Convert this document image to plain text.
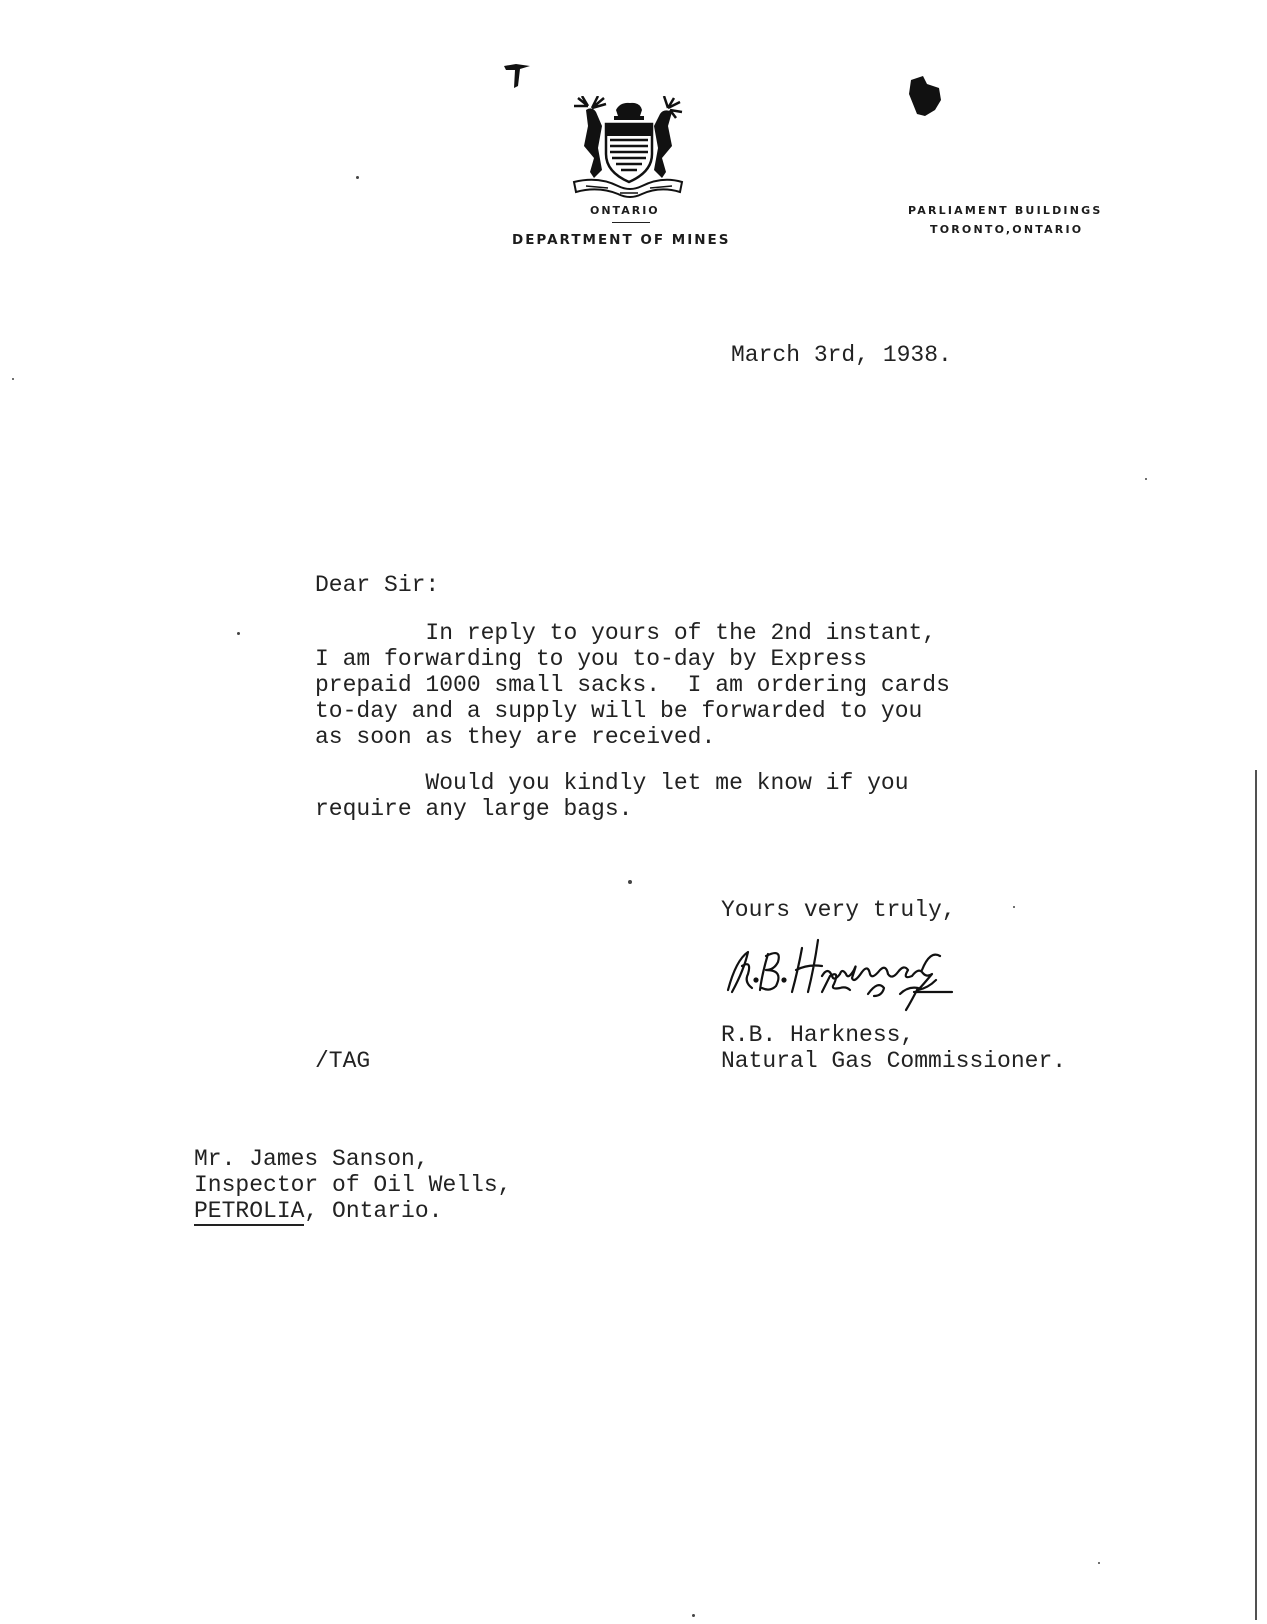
ONTARIO
DEPARTMENT OF MINES
PARLIAMENT BUILDINGS
TORONTO,ONTARIO
March 3rd, 1938.
Dear Sir:
In reply to yours of the 2nd instant,
I am forwarding to you to-day by Express
prepaid 1000 small sacks.  I am ordering cards
to-day and a supply will be forwarded to you
as soon as they are received.
Would you kindly let me know if you
require any large bags.
Yours very truly,
R.B. Harkness,
Natural Gas Commissioner.
/TAG
Mr. James Sanson,
Inspector of Oil Wells,
PETROLIA, Ontario.
